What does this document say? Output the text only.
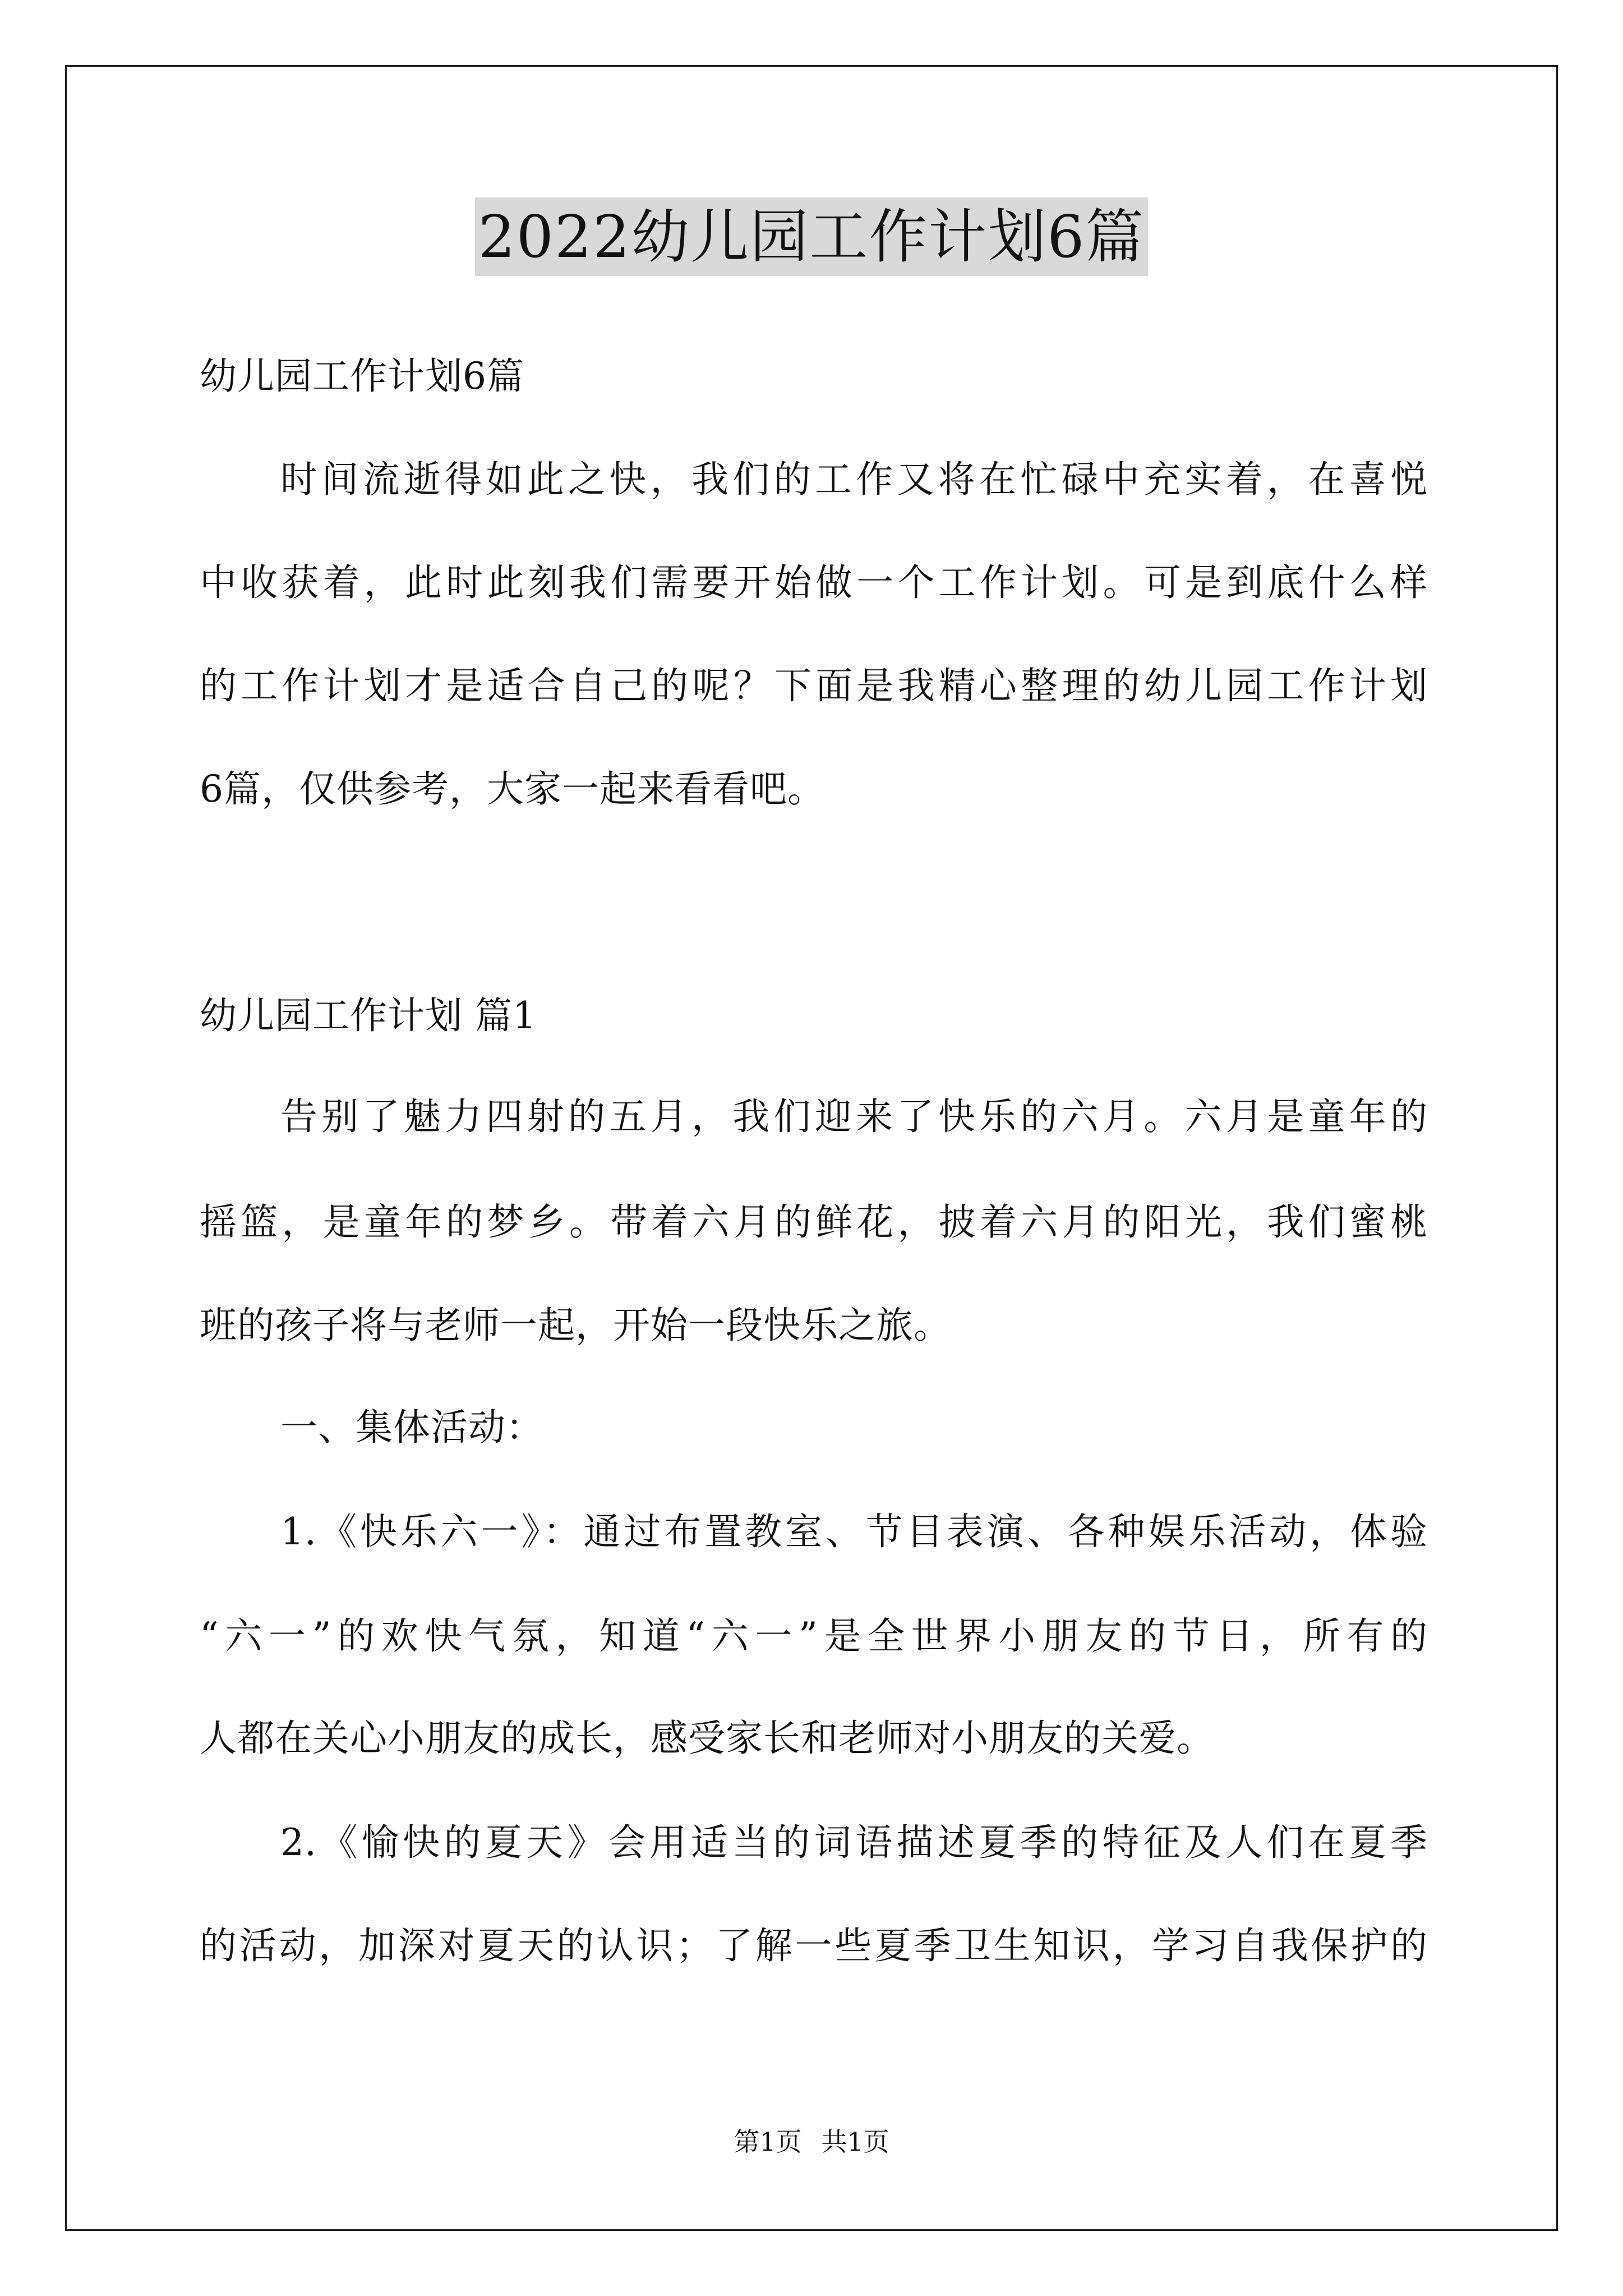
2022幼儿园工作计划6篇
幼儿园工作计划6篇
时间流逝得如此之快，我们的工作又将在忙碌中充实着，在喜悦
中收获着，此时此刻我们需要开始做一个工作计划。可是到底什么样
的工作计划才是适合自己的呢？下面是我精心整理的幼儿园工作计划
6篇，仅供参考，大家一起来看看吧。
幼儿园工作计划 篇1
告别了魅力四射的五月，我们迎来了快乐的六月。六月是童年的
摇篮，是童年的梦乡。带着六月的鲜花，披着六月的阳光，我们蜜桃
班的孩子将与老师一起，开始一段快乐之旅。
一、集体活动：
1.《快乐六一》：通过布置教室、节目表演、各种娱乐活动，体验
“六一”的欢快气氛，知道“六一”是全世界小朋友的节日，所有的
人都在关心小朋友的成长，感受家长和老师对小朋友的关爱。
2.《愉快的夏天》会用适当的词语描述夏季的特征及人们在夏季
的活动，加深对夏天的认识；了解一些夏季卫生知识，学习自我保护的
第1页 共1页
